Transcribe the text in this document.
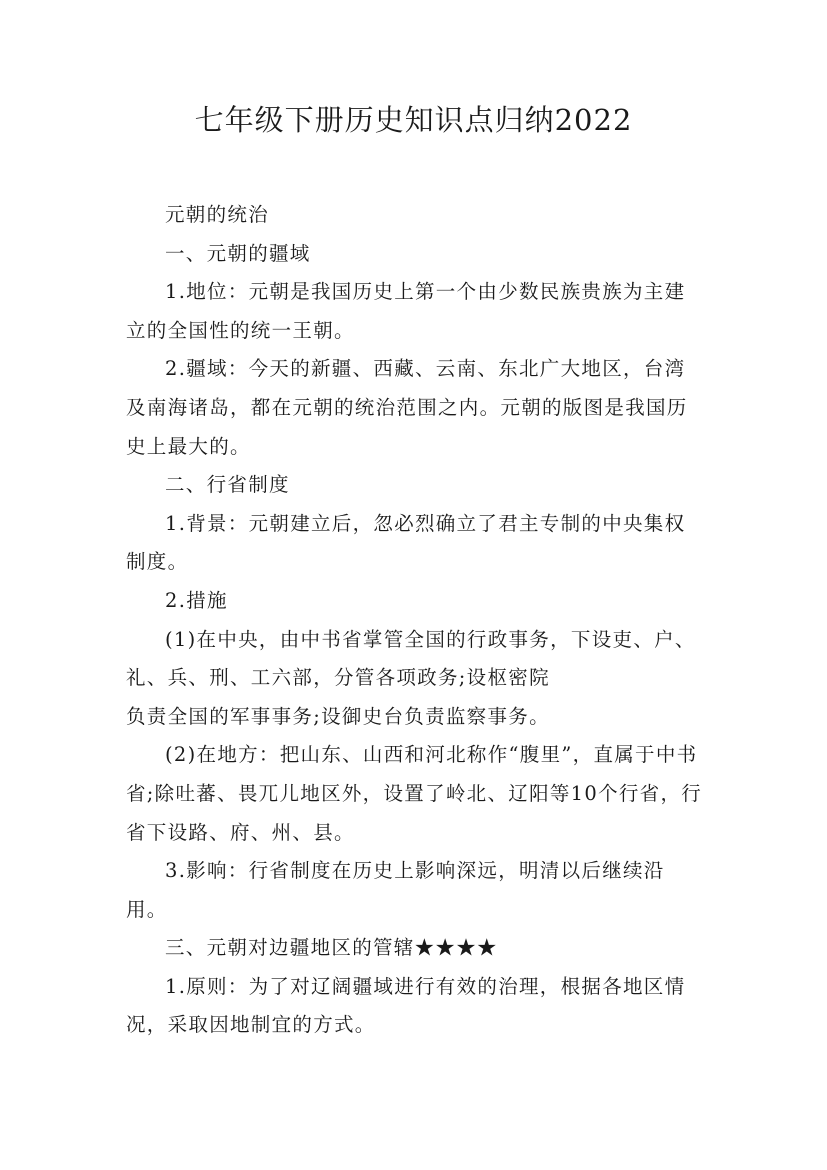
七年级下册历史知识点归纳2022

元朝的统治

一、元朝的疆域

1.地位：元朝是我国历史上第一个由少数民族贵族为主建立的全国性的统一王朝。

2.疆域：今天的新疆、西藏、云南、东北广大地区，台湾及南海诸岛，都在元朝的统治范围之内。元朝的版图是我国历史上最大的。

二、行省制度

1.背景：元朝建立后，忽必烈确立了君主专制的中央集权制度。

2.措施

(1)在中央，由中书省掌管全国的行政事务，下设吏、户、礼、兵、刑、工六部，分管各项政务;设枢密院

负责全国的军事事务;设御史台负责监察事务。

(2)在地方：把山东、山西和河北称作“腹里”，直属于中书省;除吐蕃、畏兀儿地区外，设置了岭北、辽阳等10个行省，行省下设路、府、州、县。

3.影响：行省制度在历史上影响深远，明清以后继续沿用。

三、元朝对边疆地区的管辖★★★★

1.原则：为了对辽阔疆域进行有效的治理，根据各地区情况，采取因地制宜的方式。
